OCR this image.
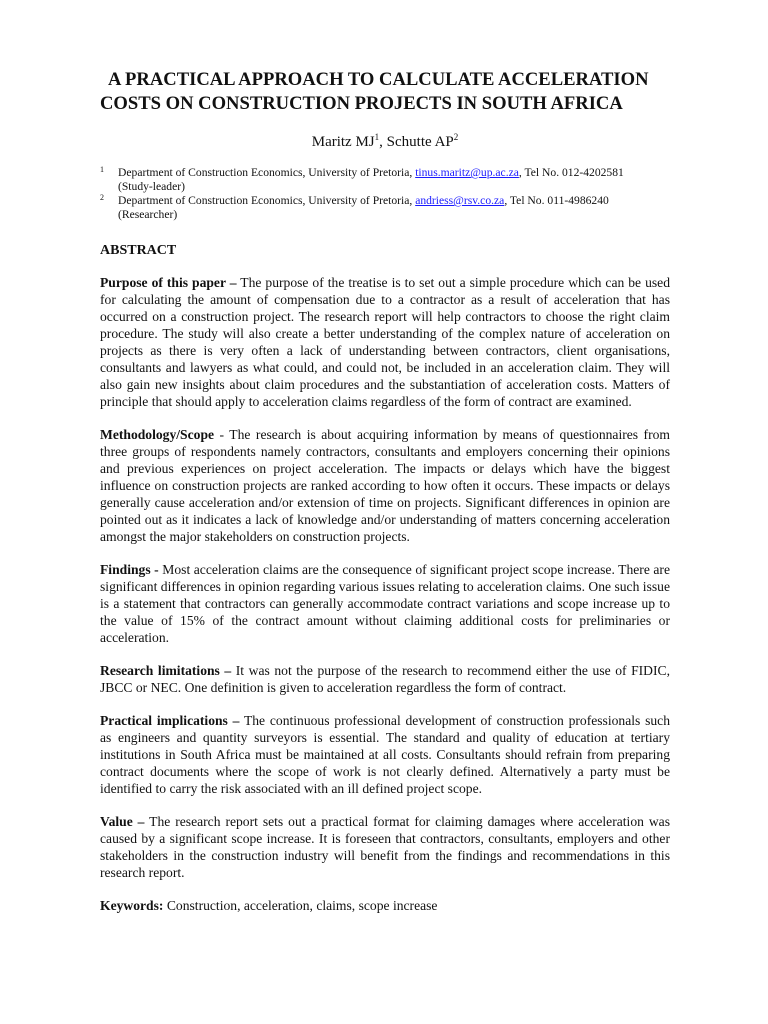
A PRACTICAL APPROACH TO CALCULATE ACCELERATION
COSTS ON CONSTRUCTION PROJECTS IN SOUTH AFRICA
Maritz $MJ^1$, Schutte $AP^2$

1 Department of Construction Economics, University of Pretoria, tinus.maritz@up.ac.za, Tel No. 012-4202581
(Study-leader)

2 Department of Construction Economics, University of Pretoria, andriess@rsv.co.za, Tel No. 011-4986240
(Researcher)

ABSTRACT

Purpose of this paper – The purpose of the treatise is to set out a simple procedure which can be used for calculating the amount of compensation due to a contractor as a result of acceleration that has occurred on a construction project. The research report will help contractors to choose the right claim procedure. The study will also create a better understanding of the complex nature of acceleration on projects as there is very often a lack of understanding between contractors, client organisations, consultants and lawyers as what could, and could not, be included in an acceleration claim. They will also gain new insights about claim procedures and the substantiation of acceleration costs. Matters of principle that should apply to acceleration claims regardless of the form of contract are examined.

Methodology/Scope - The research is about acquiring information by means of questionnaires from three groups of respondents namely contractors, consultants and employers concerning their opinions and previous experiences on project acceleration. The impacts or delays which have the biggest influence on construction projects are ranked according to how often it occurs. These impacts or delays generally cause acceleration and/or extension of time on projects. Significant differences in opinion are pointed out as it indicates a lack of knowledge and/or understanding of matters concerning acceleration amongst the major stakeholders on construction projects.

Findings - Most acceleration claims are the consequence of significant project scope increase. There are significant differences in opinion regarding various issues relating to acceleration claims. One such issue is a statement that contractors can generally accommodate contract variations and scope increase up to the value of 15% of the contract amount without claiming additional costs for preliminaries or acceleration.

Research limitations – It was not the purpose of the research to recommend either the use of FIDIC, JBCC or NEC. One definition is given to acceleration regardless the form of contract.

Practical implications – The continuous professional development of construction professionals such as engineers and quantity surveyors is essential. The standard and quality of education at tertiary institutions in South Africa must be maintained at all costs. Consultants should refrain from preparing contract documents where the scope of work is not clearly defined. Alternatively a party must be identified to carry the risk associated with an ill defined project scope.

Value – The research report sets out a practical format for claiming damages where acceleration was caused by a significant scope increase. It is foreseen that contractors, consultants, employers and other stakeholders in the construction industry will benefit from the findings and recommendations in this research report.

Keywords: Construction, acceleration, claims, scope increase
